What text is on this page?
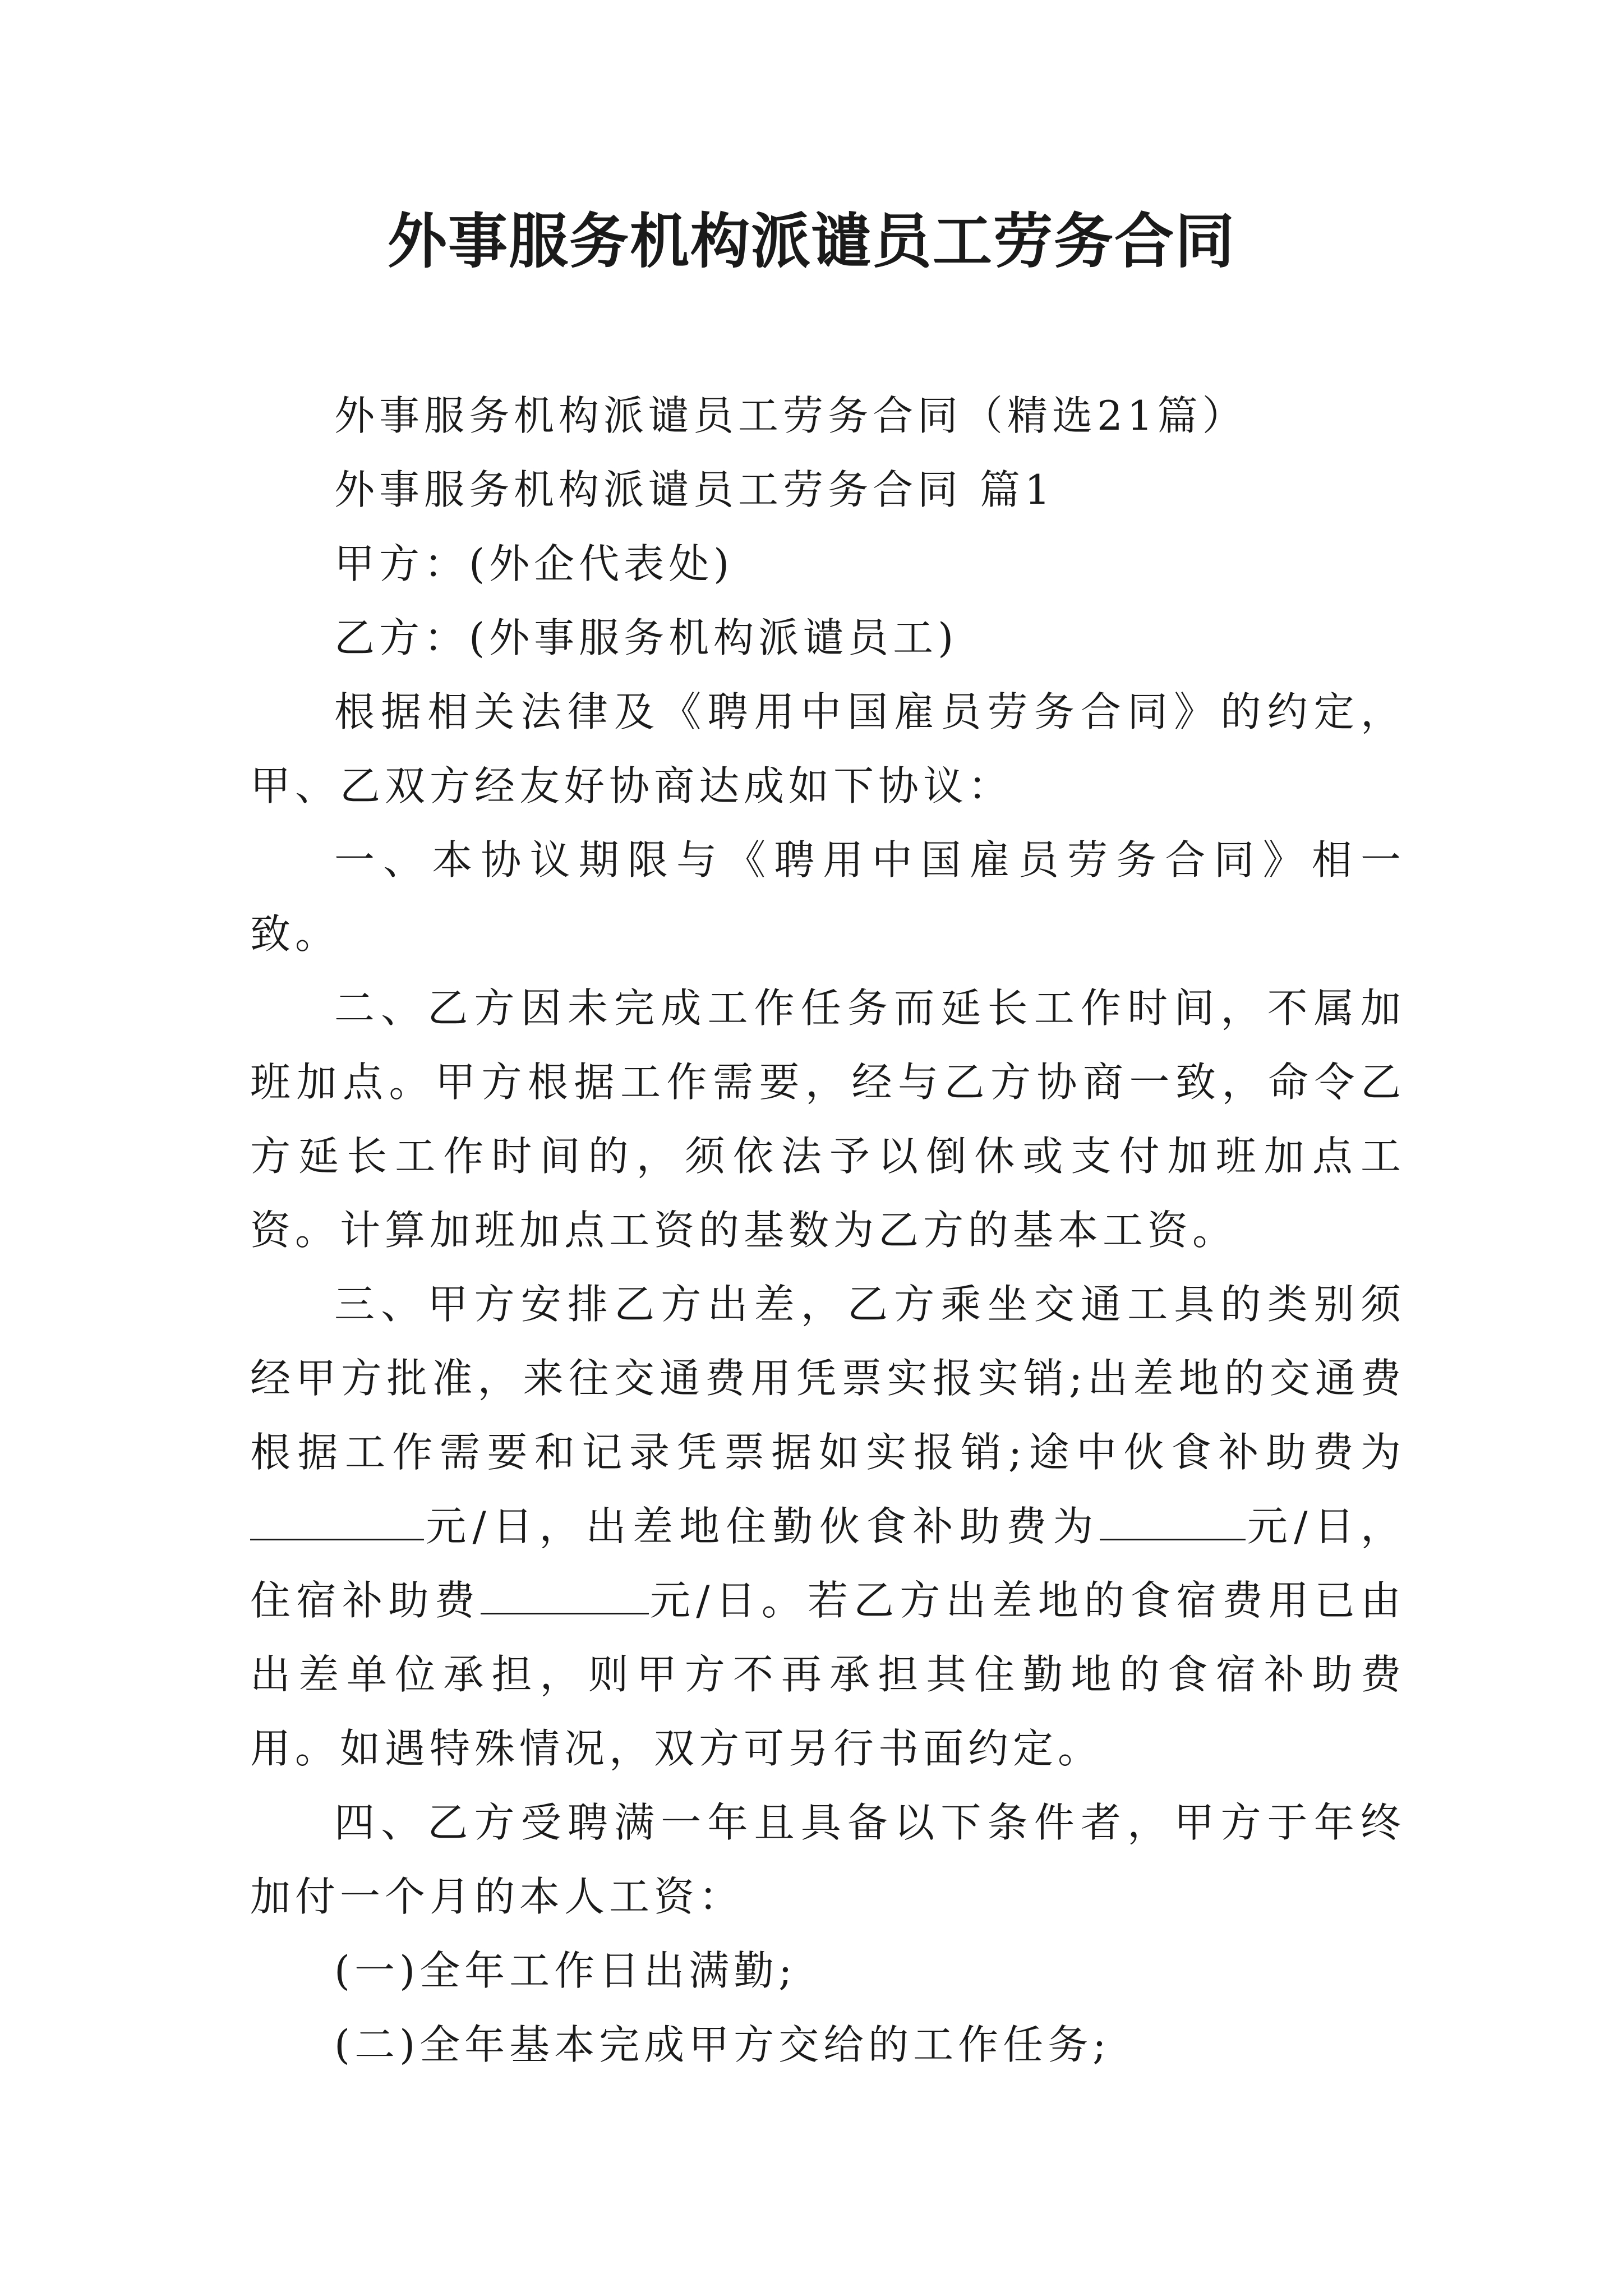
外事服务机构派谴员工劳务合同

外事服务机构派谴员工劳务合同（精选21篇）

外事服务机构派谴员工劳务合同 篇1

甲方：(外企代表处)

乙方：(外事服务机构派谴员工)

根据相关法律及《聘用中国雇员劳务合同》的约定，甲、乙双方经友好协商达成如下协议：

一、本协议期限与《聘用中国雇员劳务合同》相一致。

二、乙方因未完成工作任务而延长工作时间，不属加班加点。甲方根据工作需要，经与乙方协商一致，命令乙方延长工作时间的，须依法予以倒休或支付加班加点工资。计算加班加点工资的基数为乙方的基本工资。

三、甲方安排乙方出差，乙方乘坐交通工具的类别须经甲方批准，来往交通费用凭票实报实销;出差地的交通费根据工作需要和记录凭票据如实报销;途中伙食补助费为元/日，出差地住勤伙食补助费为	元/日，住宿补助费	元/日。若乙方出差地的食宿费用已由出差单位承担，则甲方不再承担其住勤地的食宿补助费用。如遇特殊情况，双方可另行书面约定。

四、乙方受聘满一年且具备以下条件者，甲方于年终加付一个月的本人工资：

(一)全年工作日出满勤;

(二)全年基本完成甲方交给的工作任务;
